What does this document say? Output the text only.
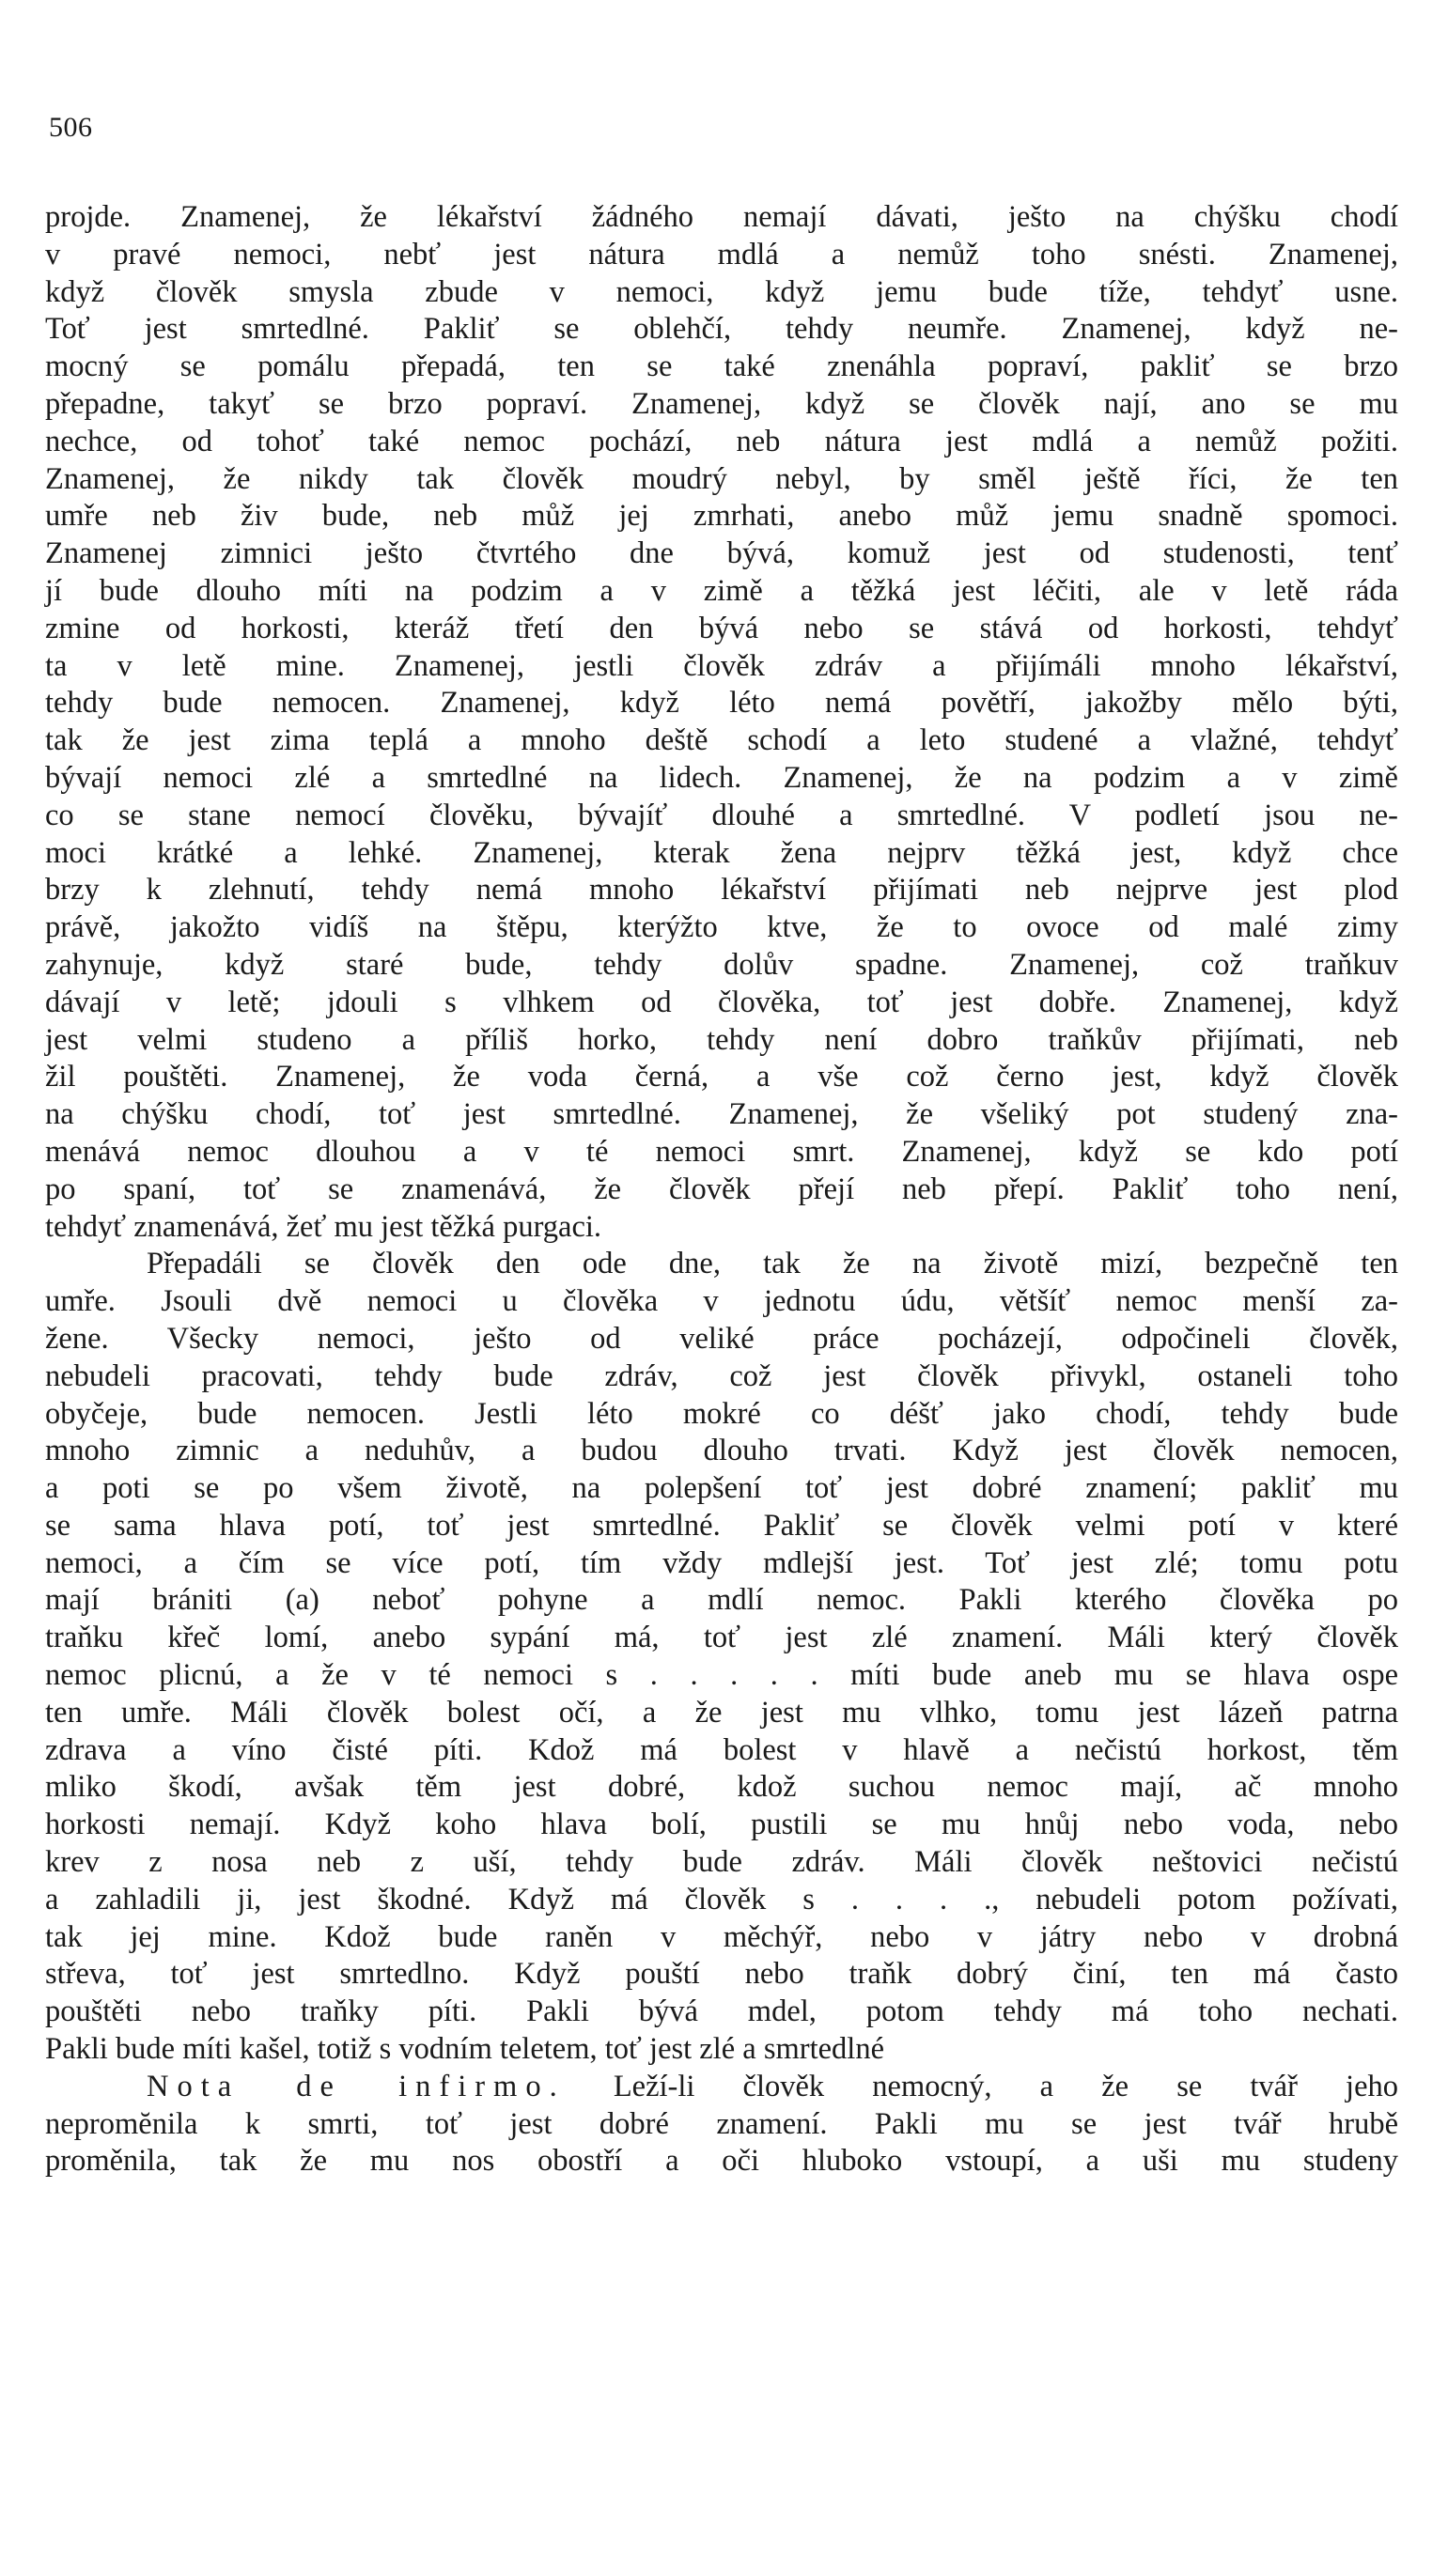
506
projde. Znamenej, že lékařství žádného nemají dávati, ješto na chýšku chodí
v pravé nemoci, nebť jest nátura mdlá a nemůž toho snésti. Znamenej,
když člověk smysla zbude v nemoci, když jemu bude tíže, tehdyť usne.
Toť jest smrtedlné. Pakliť se oblehčí, tehdy neumře. Znamenej, když ne-
mocný se pomálu přepadá, ten se také znenáhla popraví, pakliť se brzo
přepadne, takyť se brzo popraví. Znamenej, když se člověk nají, ano se mu
nechce, od tohoť také nemoc pochází, neb nátura jest mdlá a nemůž požiti.
Znamenej, že nikdy tak člověk moudrý nebyl, by směl ještě říci, že ten
umře neb živ bude, neb můž jej zmrhati, anebo můž jemu snadně spomoci.
Znamenej zimnici ješto čtvrtého dne bývá, komuž jest od studenosti, tenť
jí bude dlouho míti na podzim a v zimě a těžká jest léčiti, ale v letě ráda
zmine od horkosti, kteráž třetí den bývá nebo se stává od horkosti, tehdyť
ta v letě mine. Znamenej, jestli člověk zdráv a přijímáli mnoho lékařství,
tehdy bude nemocen. Znamenej, když léto nemá povětří, jakožby mělo býti,
tak že jest zima teplá a mnoho deště schodí a leto studené a vlažné, tehdyť
bývají nemoci zlé a smrtedlné na lidech. Znamenej, že na podzim a v zimě
co se stane nemocí člověku, bývajíť dlouhé a smrtedlné. V podletí jsou ne-
moci krátké a lehké. Znamenej, kterak žena nejprv těžká jest, když chce
brzy k zlehnutí, tehdy nemá mnoho lékařství přijímati neb nejprve jest plod
právě, jakožto vidíš na štěpu, kterýžto ktve, že to ovoce od malé zimy
zahynuje, když staré bude, tehdy dolův spadne. Znamenej, což traňkuv
dávají v letě; jdouli s vlhkem od člověka, toť jest dobře. Znamenej, když
jest velmi studeno a příliš horko, tehdy není dobro traňkův přijímati, neb
žil pouštěti. Znamenej, že voda černá, a vše což černo jest, když člověk
na chýšku chodí, toť jest smrtedlné. Znamenej, že všeliký pot studený zna-
menává nemoc dlouhou a v té nemoci smrt. Znamenej, když se kdo potí
po spaní, toť se znamenává, že člověk přejí neb přepí. Pakliť toho není,
tehdyť znamenává, žeť mu jest těžká purgaci.
Přepadáli se člověk den ode dne, tak že na životě mizí, bezpečně ten
umře. Jsouli dvě nemoci u člověka v jednotu údu, většíť nemoc menší za-
žene. Všecky nemoci, ješto od veliké práce pocházejí, odpočineli člověk,
nebudeli pracovati, tehdy bude zdráv, což jest člověk přivykl, ostaneli toho
obyčeje, bude nemocen. Jestli léto mokré co déšť jako chodí, tehdy bude
mnoho zimnic a neduhův, a budou dlouho trvati. Když jest člověk nemocen,
a poti se po všem životě, na polepšení toť jest dobré znamení; pakliť mu
se sama hlava potí, toť jest smrtedlné. Pakliť se člověk velmi potí v které
nemoci, a čím se více potí, tím vždy mdlejší jest. Toť jest zlé; tomu potu
mají brániti (a) neboť pohyne a mdlí nemoc. Pakli kterého člověka po
traňku křeč lomí, anebo sypání má, toť jest zlé znamení. Máli který člověk
nemoc plicnú, a že v té nemoci s . . . . . míti bude aneb mu se hlava ospe
ten umře. Máli člověk bolest očí, a že jest mu vlhko, tomu jest lázeň patrna
zdrava a víno čisté píti. Kdož má bolest v hlavě a nečistú horkost, těm
mliko škodí, avšak těm jest dobré, kdož suchou nemoc mají, ač mnoho
horkosti nemají. Když koho hlava bolí, pustili se mu hnůj nebo voda, nebo
krev z nosa neb z uší, tehdy bude zdráv. Máli člověk neštovici nečistú
a zahladili ji, jest škodné. Když má člověk s . . . ., nebudeli potom požívati,
tak jej mine. Kdož bude raněn v měchýř, nebo v játry nebo v drobná
střeva, toť jest smrtedlno. Když pouští nebo traňk dobrý činí, ten má často
pouštěti nebo traňky píti. Pakli bývá mdel, potom tehdy má toho nechati.
Pakli bude míti kašel, totiž s vodním teletem, toť jest zlé a smrtedlné
Nota de infirmo. Leží-li člověk nemocný, a že se tvář jeho
nepromĕnila k smrti, toť jest dobré znamení. Pakli mu se jest tvář hrubě
proměnila, tak že mu nos obostří a oči hluboko vstoupí, a uši mu studeny
